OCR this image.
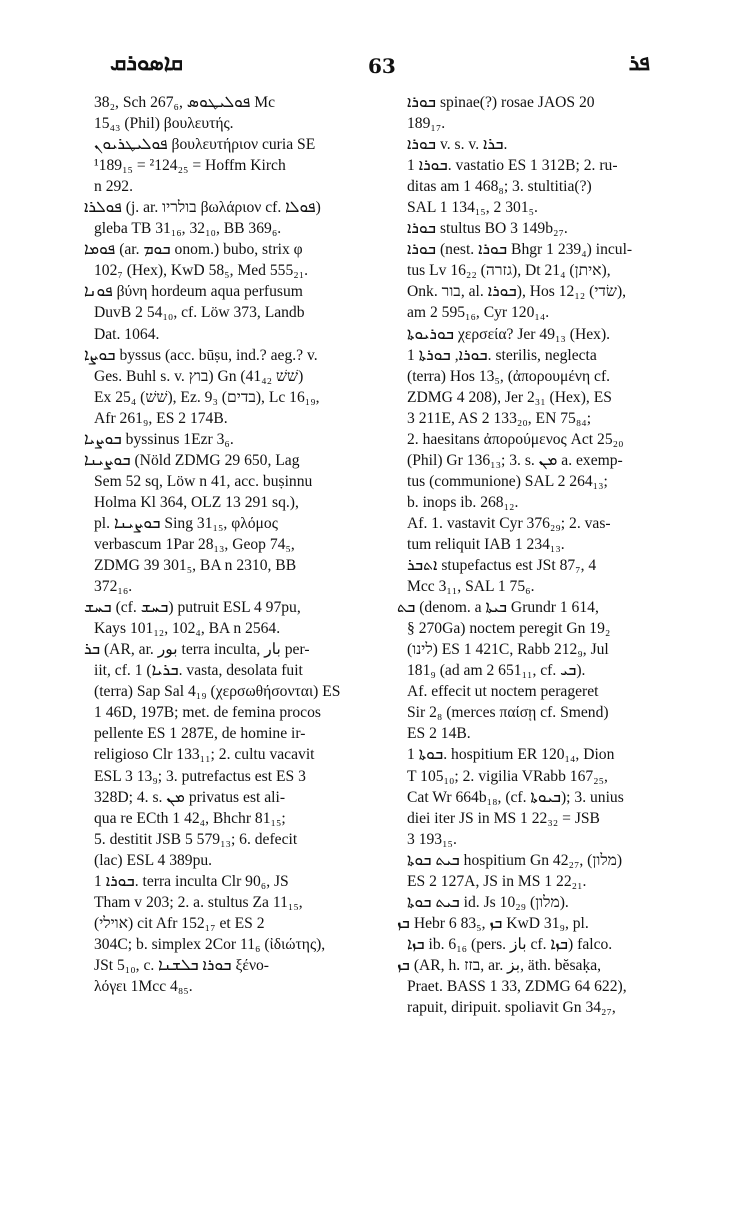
ܩܐܣܘܪܩ	63	ܦܪ
38₂, Sch 267₆, ܦܘܠܝܛܘܣ Mc
15₄₃ (Phil) βουλευτής.
ܦܘܠܝܛܪܝܘܢ βουλευτήριον curia SE
¹189₁₅ = ²124₂₅ = Hoffm Kirch
n 292.
ܦܘܠܪܐ (j. ar. בולריו βωλάριον cf. ܦܘܠܐ)
gleba TB 31₁₆, 32₁₀, BB 369₆.
ܦܘܡܐ (ar. ܒܘܡ onom.) bubo, strix φ
102₇ (Hex), KwD 58₅, Med 555₂₁.
ܦܘܢܐ βύνη hordeum aqua perfusum
DuvB 2 54₁₀, cf. Löw 373, Landb
Dat. 1064.
ܒܘܨܐ byssus (acc. būṣu, ind.? aeg.? v.
Ges. Buhl s. v. בוץ) Gn (41₄₂ שׁשׁ)
Ex 25₄ (שׁשׁ), Ez. 9₃ (בדים), Lc 16₁₉,
Afr 261₉, ES 2 174B.
ܒܘܨܝܐ byssinus 1Ezr 3₆.
ܒܘܨܝܢܐ (Nöld ZDMG 29 650, Lag
Sem 52 sq, Löw n 41, acc. buṣinnu
Holma Kl 364, OLZ 13 291 sq.),
pl. ܒܘܨܝܢܐ Sing 31₁₅, φλόμος
verbascum 1Par 28₁₃, Geop 74₅,
ZDMG 39 301₅, BA n 2310, BB
372₁₆.
ܒܚܫ (cf. ܒܚܫ) putruit ESL 4 97pu,
Kays 101₁₂, 102₄, BA n 2564.
ܒܪ (AR, ar. بور terra inculta, بار per-
iit, cf. ܒܪܝܐ) 1. vasta, desolata fuit
(terra) Sap Sal 4₁₉ (χερσωθήσονται) ES
1 46D, 197B; met. de femina procos
pellente ES 1 287E, de homine ir-
religioso Clr 133₁₁; 2. cultu vacavit
ESL 3 13₉; 3. putrefactus est ES 3
328D; 4. s. ܡܢ privatus est ali-
qua re ECth 1 42₄, Bhchr 81₁₅;
5. destitit JSB 5 579₁₃; 6. defecit
(lac) ESL 4 389pu.
ܒܘܪܐ 1. terra inculta Clr 90₆, JS
Tham v 203; 2. a. stultus Za 11₁₅,
(אוילי) cit Afr 152₁₇ et ES 2
304C; b. simplex 2Cor 11₆ (ἰδιώτης),
JSt 5₁₀, c. ܒܘܪܐ ܒܠܫܢܐ ξένο-
λόγει 1Mcc 4₈₅.
ܒܘܪܐ spinae(?) rosae JAOS 20
189₁₇.
ܒܘܪܐ v. s. v. ܒܪܐ.
ܒܘܪܐ 1. vastatio ES 1 312B; 2. ru-
ditas am 1 468₈; 3. stultitia(?)
SAL 1 134₁₅, 2 301₅.
ܒܘܪܐ stultus BO 3 149b₂₇.
ܒܘܪܐ (nest. ܒܘܪܐ Bhgr 1 239₄) incul-
tus Lv 16₂₂ (גזרה), Dt 21₄ (איתן),
Onk. בור, al. ܒܘܪܐ), Hos 12₁₂ (שׂדי),
am 2 595₁₆, Cyr 120₁₄.
ܒܘܪܝܘܬܐ χερσεία? Jer 49₁₃ (Hex).
ܒܘܪܐ, ܒܘܪܬܐ 1. sterilis, neglecta
(terra) Hos 13₅, (ἀπορουμένη cf.
ZDMG 4 208), Jer 2₃₁ (Hex), ES
3 211E, AS 2 133₂₀, EN 75₈₄;
2. haesitans ἀπορούμενος Act 25₂₀
(Phil) Gr 136₁₃; 3. s. ܡܢ a. exemp-
tus (communione) SAL 2 264₁₃;
b. inops ib. 268₁₂.
Af. 1. vastavit Cyr 376₂₉; 2. vas-
tum reliquit IAB 1 234₁₃.
ܐܬܒܪ stupefactus est JSt 87₇, 4
Mcc 3₁₁, SAL 1 75₆.
ܒܬ (denom. a ܒܝܬܐ Grundr 1 614,
§ 270Ga) noctem peregit Gn 19₂
(לינו) ES 1 421C, Rabb 212₉, Jul
181₉ (ad am 2 651₁₁, cf. ܒܝ).
Af. effecit ut noctem perageret
Sir 2₈ (merces παίσῃ cf. Smend)
ES 2 14B.
ܒܘܬܐ 1. hospitium ER 120₁₄, Dion
T 105₁₀; 2. vigilia VRabb 167₂₅,
Cat Wr 664b₁₈, (cf. ܒܝܘܬܐ); 3. unius
diei iter JS in MS 1 22₃₂ = JSB
3 193₁₅.
ܒܝܬ ܒܘܬܐ hospitium Gn 42₂₇, (מלון)
ES 2 127A, JS in MS 1 22₂₁.
ܒܝܬ ܒܘܬܐ id. Js 10₂₉ (מלון).
ܒܙ Hebr 6 83₅, ܒܙ KwD 31₉, pl.
ܒܙܐ ib. 6₁₆ (pers. باز cf. ܒܙܐ) falco.
ܒܙ (AR, h. בזז, ar. بز, äth. bĕsaḳa,
Praet. BASS 1 33, ZDMG 64 622),
rapuit, diripuit. spoliavit Gn 34₂₇,
